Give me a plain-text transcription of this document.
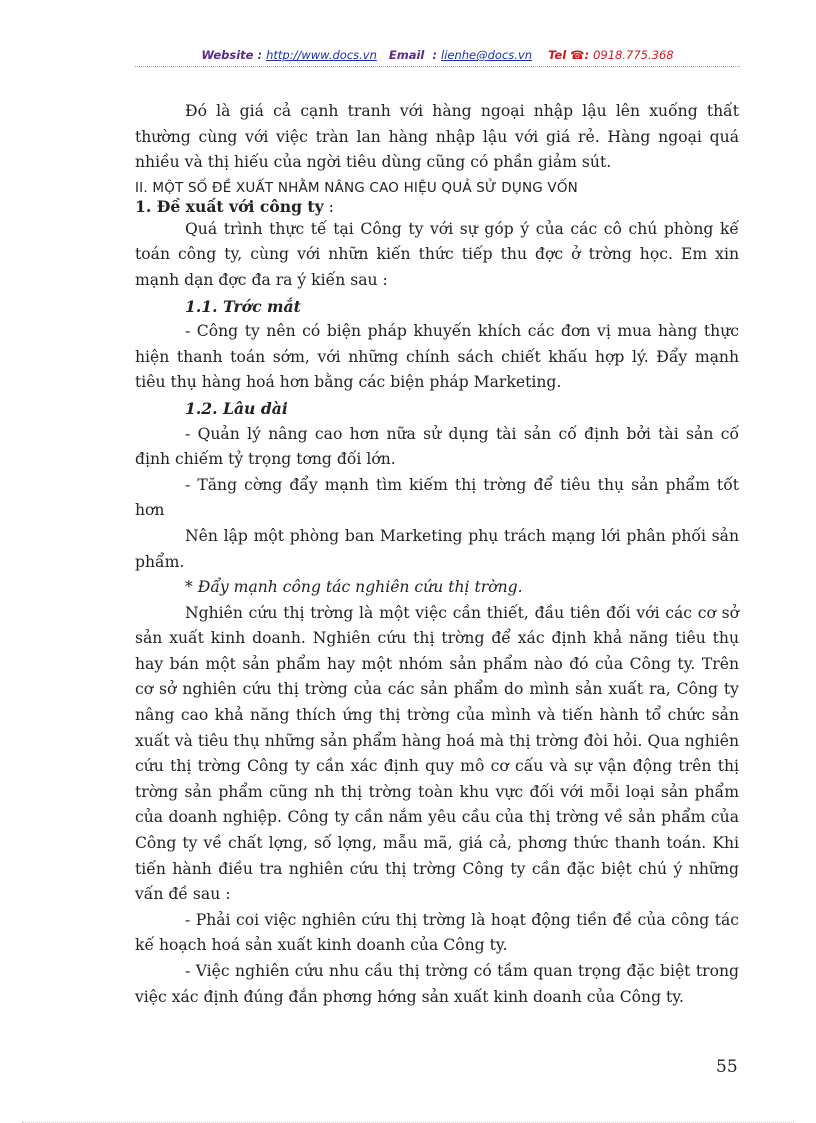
Website : http://www.docs.vn Email : lienhe@docs.vn Tel ☎: 0918.775.368

Đó là giá cả cạnh tranh với hàng ngoại nhập lậu lên xuống thất thường cùng với việc tràn lan hàng nhập lậu với giá rẻ. Hàng ngoại quá nhiều và thị hiếu của ngời tiêu dùng cũng có phần giảm sút.

II. MỘT SỐ ĐỀ XUẤT NHẰM NÂNG CAO HIỆU QUẢ SỬ DỤNG VỐN

1. Đề xuất với công ty :

Quá trình thực tế tại Công ty với sự góp ý của các cô chú phòng kế toán công ty, cùng với nhữn kiến thức tiếp thu đợc ở trờng học. Em xin mạnh dạn đợc đa ra ý kiến sau :

1.1. Trớc mắt

- Công ty nên có biện pháp khuyến khích các đơn vị mua hàng thực hiện thanh toán sớm, với những chính sách chiết khấu hợp lý. Đẩy mạnh tiêu thụ hàng hoá hơn bằng các biện pháp Marketing.

1.2. Lâu dài

- Quản lý nâng cao hơn nữa sử dụng tài sản cố định bởi tài sản cố định chiếm tỷ trọng tơng đối lớn.

- Tăng cờng đẩy mạnh tìm kiếm thị trờng để tiêu thụ sản phẩm tốt hơn

Nên lập một phòng ban Marketing phụ trách mạng lới phân phối sản phẩm.

* Đẩy mạnh công tác nghiên cứu thị trờng.

Nghiên cứu thị trờng là một việc cần thiết, đầu tiên đối với các cơ sở sản xuất kinh doanh. Nghiên cứu thị trờng để xác định khả năng tiêu thụ hay bán một sản phẩm hay một nhóm sản phẩm nào đó của Công ty. Trên cơ sở nghiên cứu thị trờng của các sản phẩm do mình sản xuất ra, Công ty nâng cao khả năng thích ứng thị trờng của mình và tiến hành tổ chức sản xuất và tiêu thụ những sản phẩm hàng hoá mà thị trờng đòi hỏi. Qua nghiên cứu thị trờng Công ty cần xác định quy mô cơ cấu và sự vận động trên thị trờng sản phẩm cũng nh thị trờng toàn khu vực đối với mỗi loại sản phẩm của doanh nghiệp. Công ty cần nắm yêu cầu của thị trờng về sản phẩm của Công ty về chất lợng, số lợng, mẫu mã, giá cả, phơng thức thanh toán. Khi tiến hành điều tra nghiên cứu thị trờng Công ty cần đặc biệt chú ý những vấn đề sau :

- Phải coi việc nghiên cứu thị trờng là hoạt động tiền đề của công tác kế hoạch hoá sản xuất kinh doanh của Công ty.

- Việc nghiên cứu nhu cầu thị trờng có tầm quan trọng đặc biệt trong việc xác định đúng đắn phơng hớng sản xuất kinh doanh của Công ty.

55
